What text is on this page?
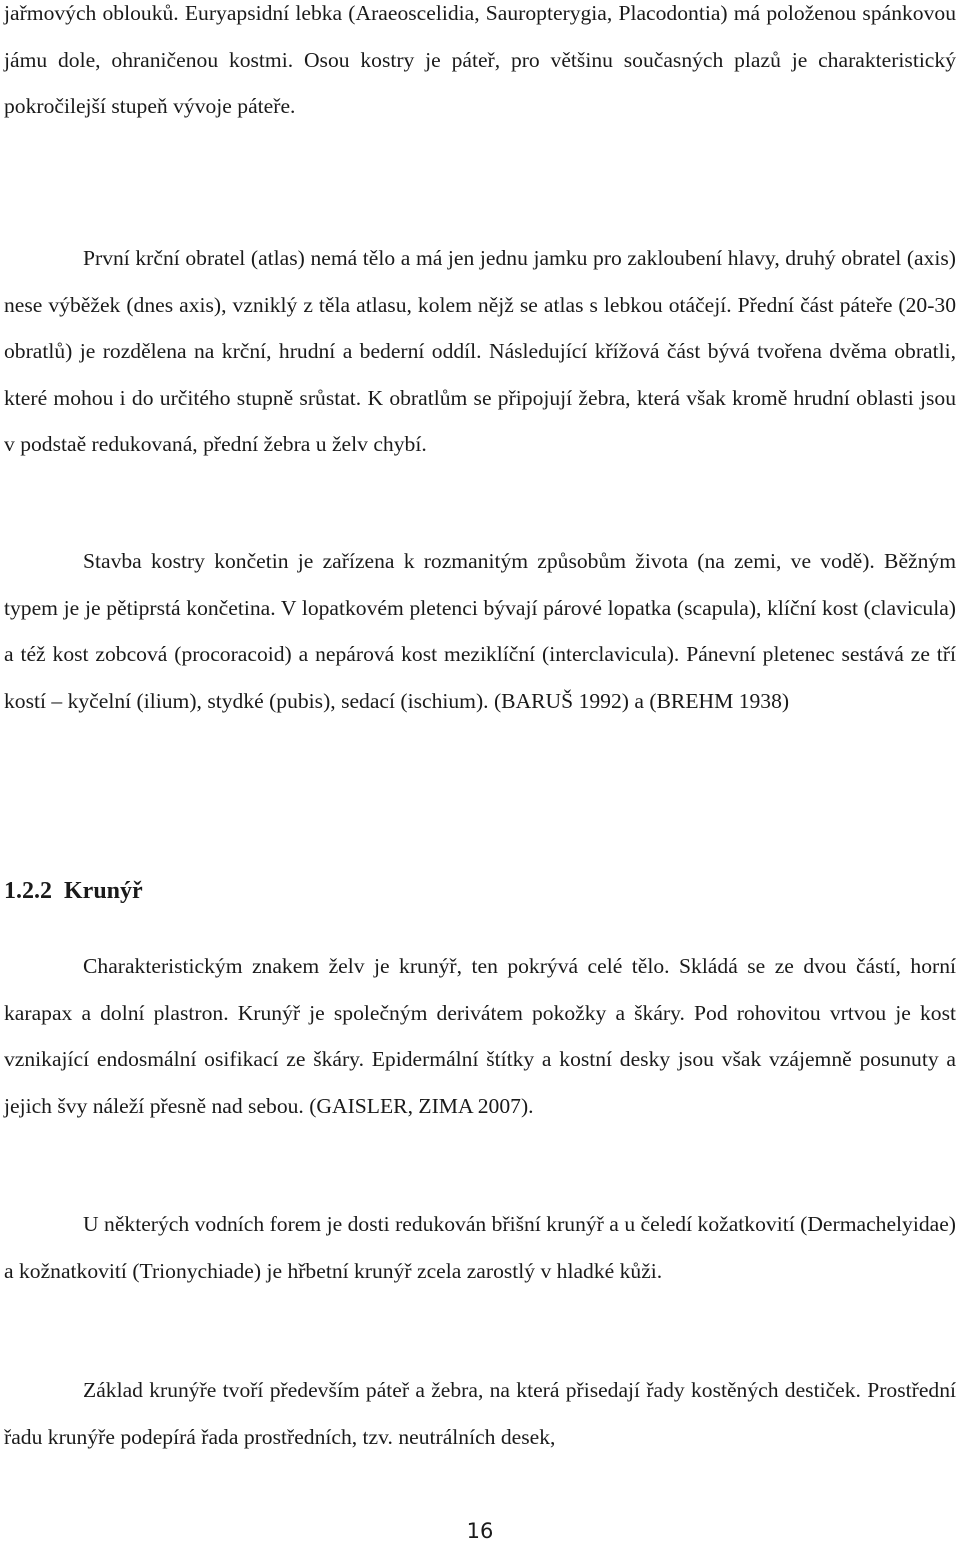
jařmových oblouků. Euryapsidní lebka (Araeoscelidia, Sauropterygia, Placodontia) má položenou spánkovou jámu dole, ohraničenou kostmi. Osou kostry je páteř, pro většinu současných plazů je charakteristický pokročilejší stupeň vývoje páteře.

První krční obratel (atlas) nemá tělo a má jen jednu jamku pro zakloubení hlavy, druhý obratel (axis) nese výběžek (dnes axis), vzniklý z těla atlasu, kolem nějž se atlas s lebkou otáčejí. Přední část páteře (20-30 obratlů) je rozdělena na krční, hrudní a bederní oddíl. Následující křížová část bývá tvořena dvěma obratli, které mohou i do určitého stupně srůstat. K obratlům se připojují žebra, která však kromě hrudní oblasti jsou v podstaě redukovaná, přední žebra u želv chybí.

Stavba kostry končetin je zařízena k rozmanitým způsobům života (na zemi, ve vodě). Běžným typem je je pětiprstá končetina. V lopatkovém pletenci bývají párové lopatka (scapula), klíční kost (clavicula) a též kost zobcová (procoracoid) a nepárová kost meziklíční (interclavicula). Pánevní pletenec sestává ze tří kostí – kyčelní (ilium), stydké (pubis), sedací (ischium). (BARUŠ 1992) a (BREHM 1938)

1.2.2 Krunýř

Charakteristickým znakem želv je krunýř, ten pokrývá celé tělo. Skládá se ze dvou částí, horní karapax a dolní plastron. Krunýř je společným derivátem pokožky a škáry. Pod rohovitou vrtvou je kost vznikající endosmální osifikací ze škáry. Epidermální štítky a kostní desky jsou však vzájemně posunuty a jejich švy náleží přesně nad sebou. (GAISLER, ZIMA 2007).

U některých vodních forem je dosti redukován břišní krunýř a u čeledí kožatkovití (Dermachelyidae) a kožnatkovití (Trionychiade) je hřbetní krunýř zcela zarostlý v hladké kůži.

Základ krunýře tvoří především páteř a žebra, na která přisedají řady kostěných destiček. Prostřední řadu krunýře podepírá řada prostředních, tzv. neutrálních desek,

16
